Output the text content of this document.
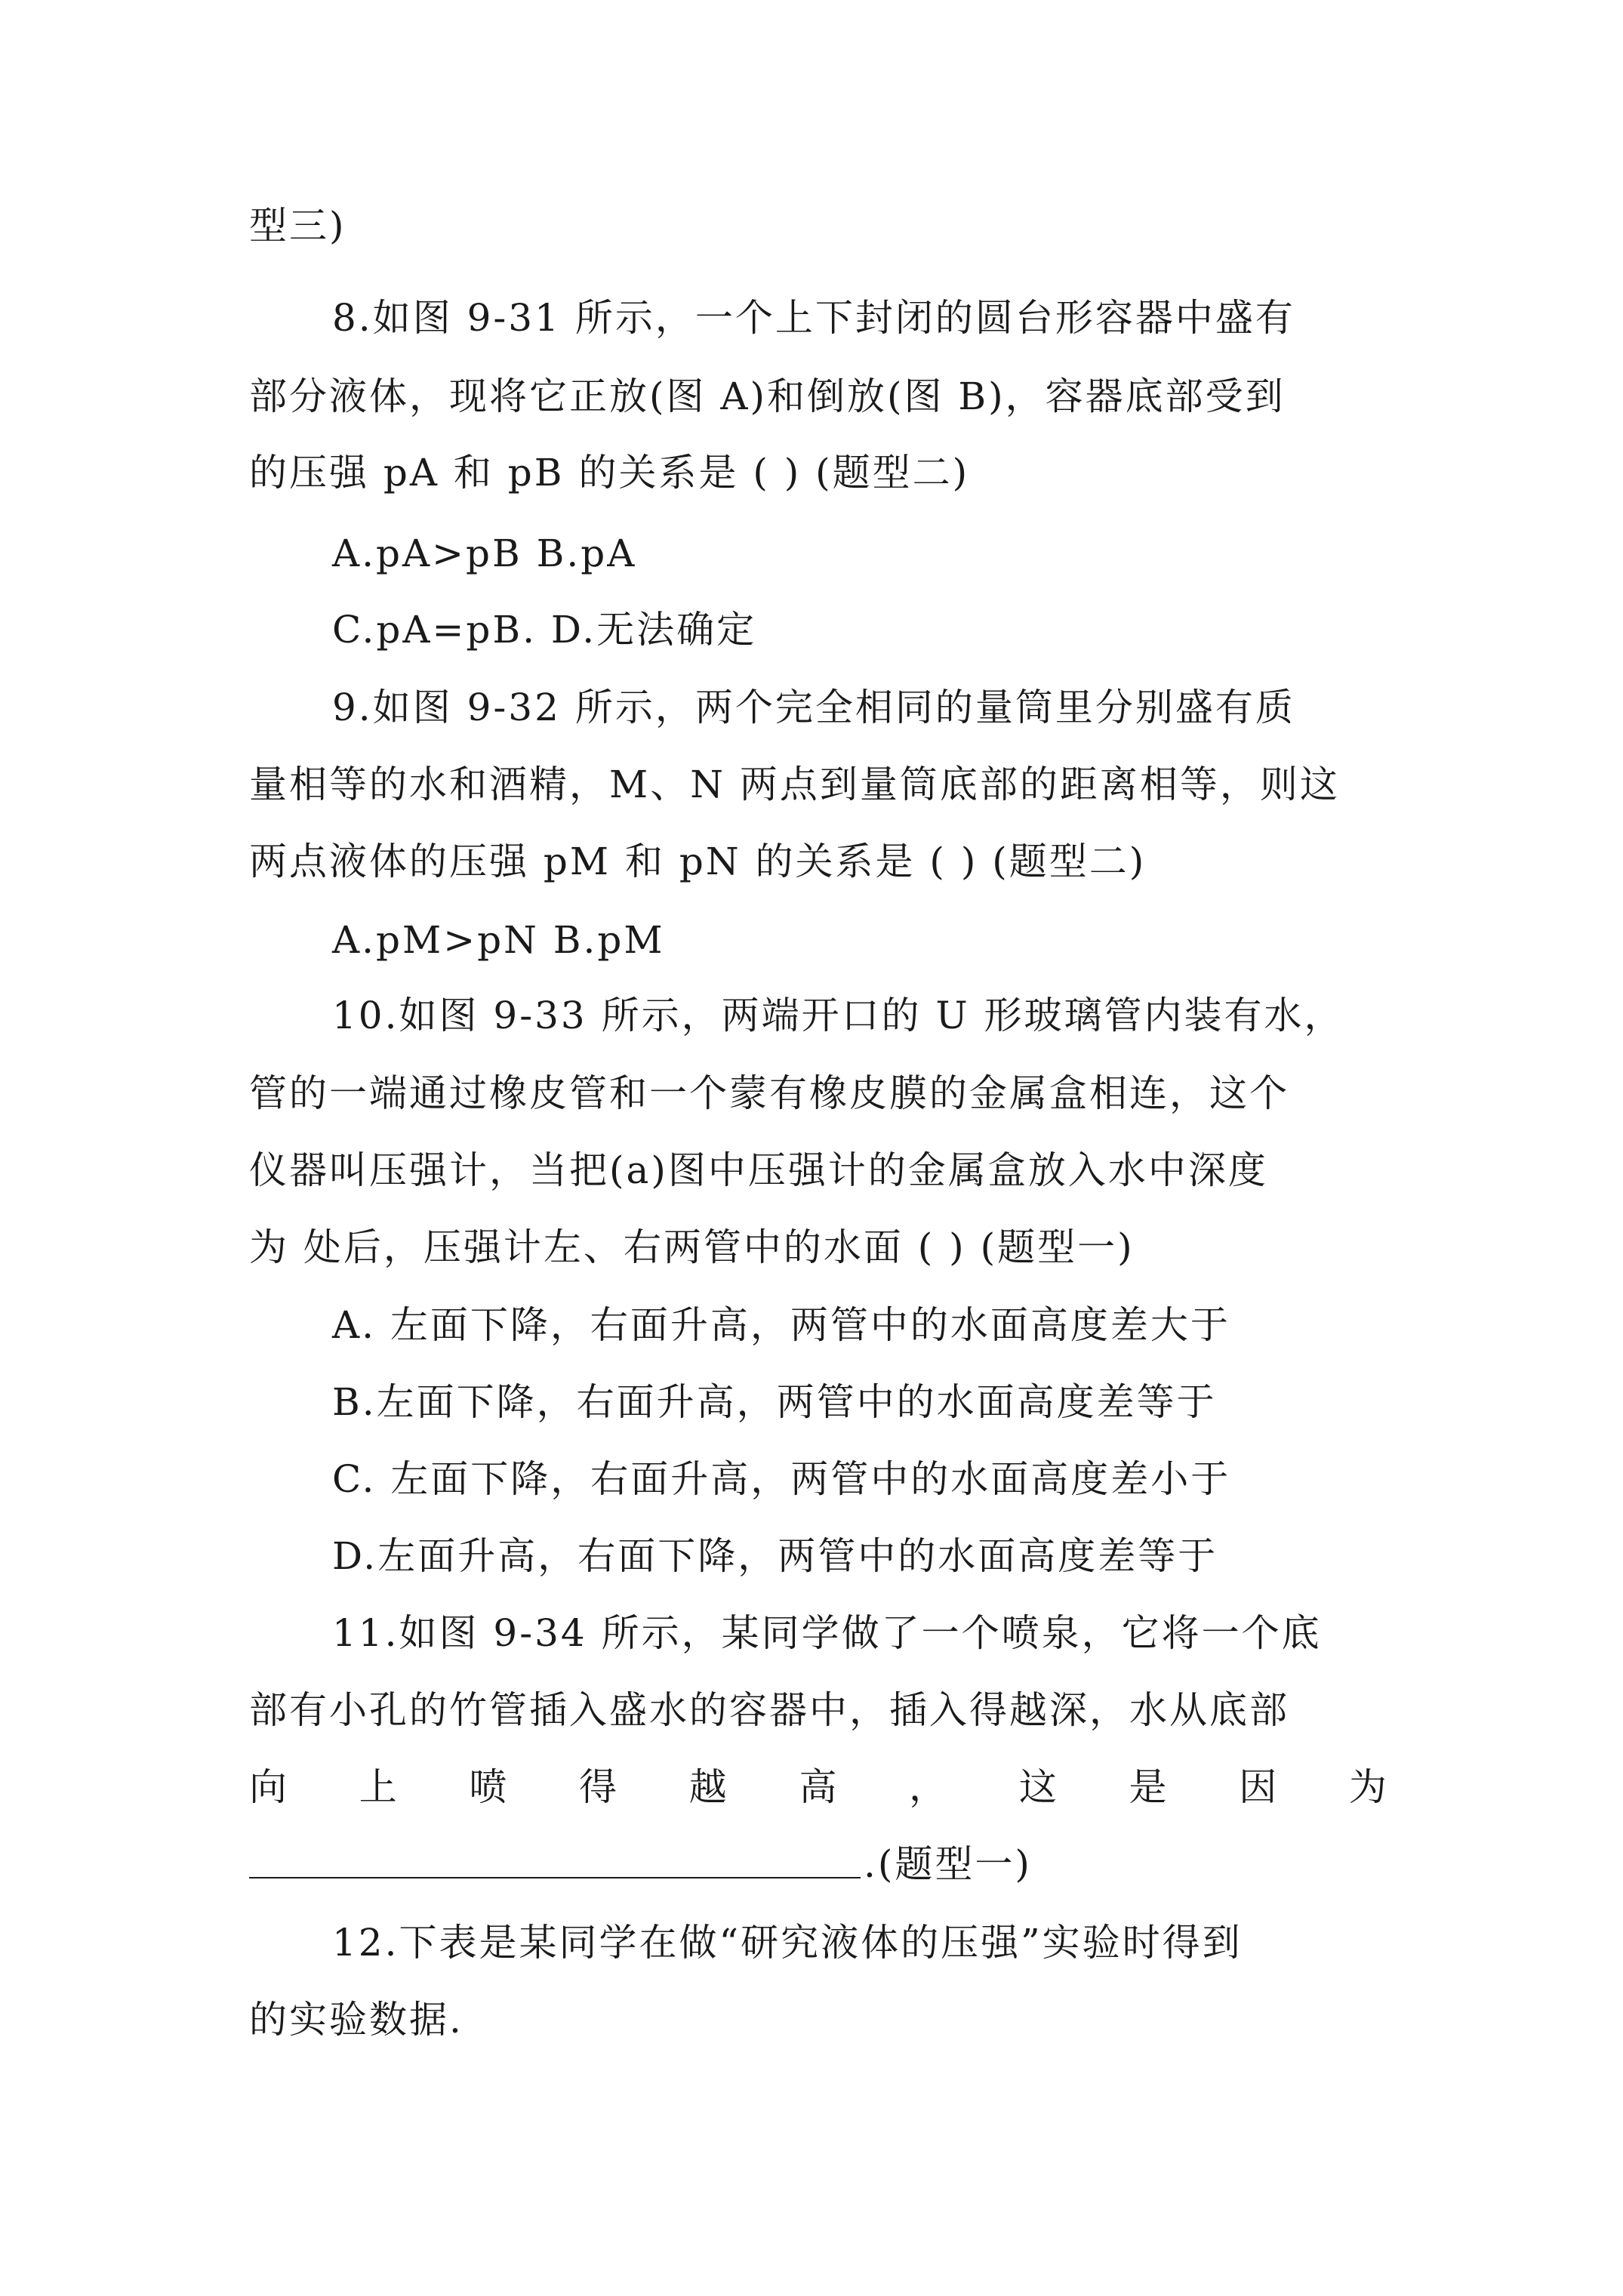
型三)
8.如图 9-31 所示，一个上下封闭的圆台形容器中盛有
部分液体，现将它正放(图 A)和倒放(图 B)，容器底部受到
的压强 pA 和 pB 的关系是 ( ) (题型二)
A.pA>pB B.pA
C.pA=pB. D.无法确定
9.如图 9-32 所示，两个完全相同的量筒里分别盛有质
量相等的水和酒精，M、N 两点到量筒底部的距离相等，则这
两点液体的压强 pM 和 pN 的关系是 ( ) (题型二)
A.pM>pN B.pM
10.如图 9-33 所示，两端开口的 U 形玻璃管内装有水，
管的一端通过橡皮管和一个蒙有橡皮膜的金属盒相连，这个
仪器叫压强计，当把(a)图中压强计的金属盒放入水中深度
为 处后，压强计左、右两管中的水面 ( ) (题型一)
A. 左面下降，右面升高，两管中的水面高度差大于
B.左面下降，右面升高，两管中的水面高度差等于
C. 左面下降，右面升高，两管中的水面高度差小于
D.左面升高，右面下降，两管中的水面高度差等于
11.如图 9-34 所示，某同学做了一个喷泉，它将一个底
部有小孔的竹管插入盛水的容器中，插入得越深，水从底部
向 上 喷 得 越 高 ， 这 是 因 为
.(题型一)
12.下表是某同学在做“研究液体的压强”实验时得到
的实验数据.
